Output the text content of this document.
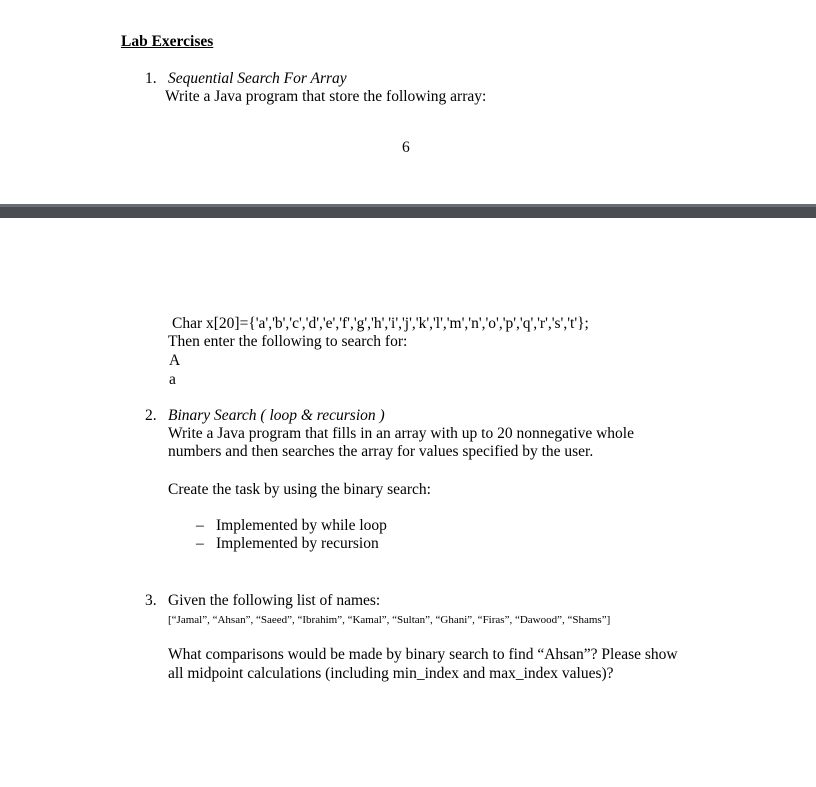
Lab Exercises
1. Sequential Search For Array
Write a Java program that store the following array:
6
Char x[20]={'a','b','c','d','e','f','g','h','i','j','k','l','m','n','o','p','q','r','s','t'};
Then enter the following to search for:
A
a
2. Binary Search ( loop & recursion )
Write a Java program that fills in an array with up to 20 nonnegative whole
numbers and then searches the array for values specified by the user.
Create the task by using the binary search:
– Implemented by while loop
– Implemented by recursion
3. Given the following list of names:
[“Jamal”, “Ahsan”, “Saeed”, “Ibrahim”, “Kamal”, “Sultan”, “Ghani”, “Firas”, “Dawood”, “Shams”]
What comparisons would be made by binary search to find “Ahsan”? Please show
all midpoint calculations (including min_index and max_index values)?
